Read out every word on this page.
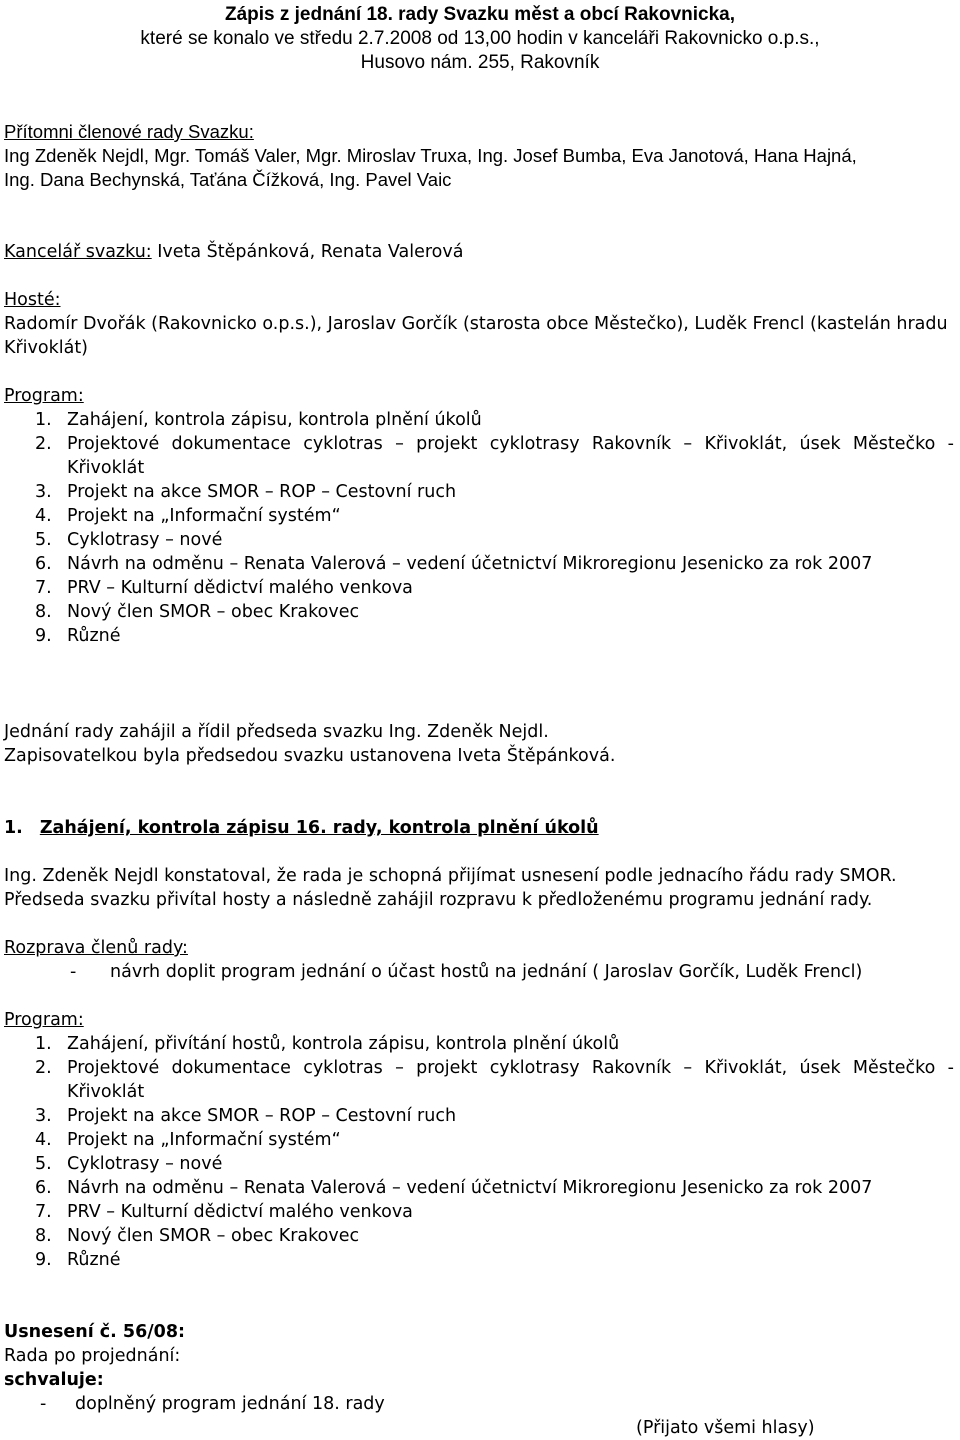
Zápis z jednání 18. rady Svazku měst a obcí Rakovnicka,
které se konalo ve středu 2.7.2008 od 13,00 hodin v kanceláři Rakovnicko o.p.s.,
Husovo nám. 255, Rakovník
Přítomni členové rady Svazku:
Ing Zdeněk Nejdl, Mgr. Tomáš Valer, Mgr. Miroslav Truxa, Ing. Josef Bumba, Eva Janotová, Hana Hajná,
Ing. Dana Bechynská, Taťána Čížková, Ing. Pavel Vaic
Kancelář svazku: Iveta Štěpánková, Renata Valerová
Hosté:
Radomír Dvořák (Rakovnicko o.p.s.), Jaroslav Gorčík (starosta obce Městečko), Luděk Frencl (kastelán hradu
Křivoklát)
Program:
1. Zahájení, kontrola zápisu, kontrola plnění úkolů
2. Projektové dokumentace cyklotras – projekt cyklotrasy Rakovník – Křivoklát, úsek Městečko -
Křivoklát
3. Projekt na akce SMOR – ROP – Cestovní ruch
4. Projekt na „Informační systém“
5. Cyklotrasy – nové
6. Návrh na odměnu – Renata Valerová – vedení účetnictví Mikroregionu Jesenicko za rok 2007
7. PRV – Kulturní dědictví malého venkova
8. Nový člen SMOR – obec Krakovec
9. Různé
Jednání rady zahájil a řídil předseda svazku Ing. Zdeněk Nejdl.
Zapisovatelkou byla předsedou svazku ustanovena Iveta Štěpánková.
1. Zahájení, kontrola zápisu 16. rady, kontrola plnění úkolů
Ing. Zdeněk Nejdl konstatoval, že rada je schopná přijímat usnesení podle jednacího řádu rady SMOR.
Předseda svazku přivítal hosty a následně zahájil rozpravu k předloženému programu jednání rady.
Rozprava členů rady:
- návrh doplit program jednání o účast hostů na jednání ( Jaroslav Gorčík, Luděk Frencl)
Program:
1. Zahájení, přivítání hostů, kontrola zápisu, kontrola plnění úkolů
2. Projektové dokumentace cyklotras – projekt cyklotrasy Rakovník – Křivoklát, úsek Městečko -
Křivoklát
3. Projekt na akce SMOR – ROP – Cestovní ruch
4. Projekt na „Informační systém“
5. Cyklotrasy – nové
6. Návrh na odměnu – Renata Valerová – vedení účetnictví Mikroregionu Jesenicko za rok 2007
7. PRV – Kulturní dědictví malého venkova
8. Nový člen SMOR – obec Krakovec
9. Různé
Usnesení č. 56/08:
Rada po projednání:
schvaluje:
- doplněný program jednání 18. rady
(Přijato všemi hlasy)
